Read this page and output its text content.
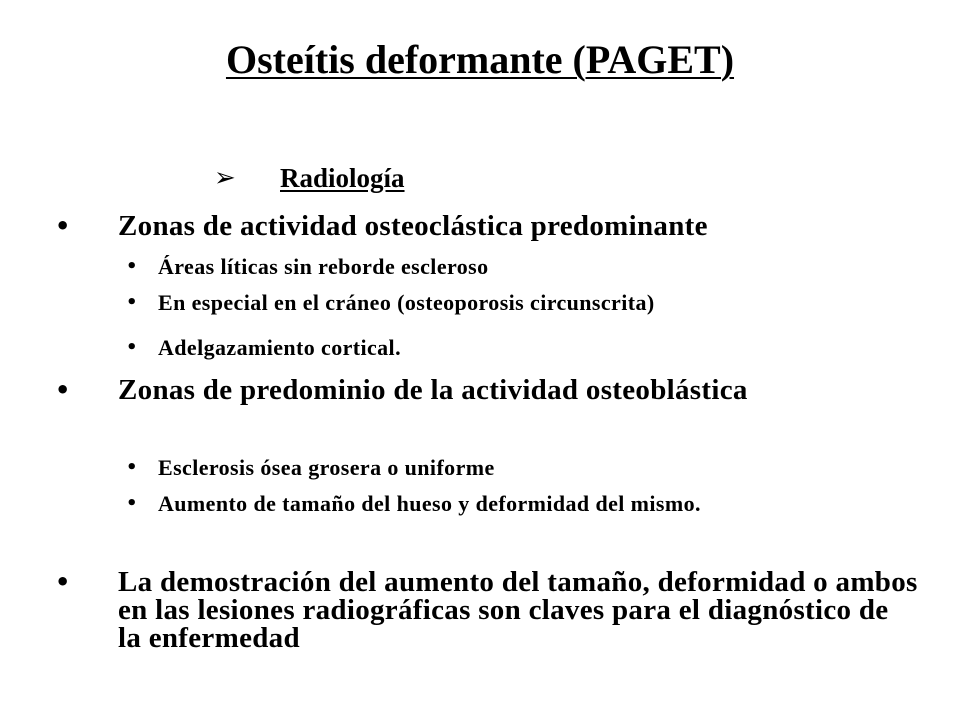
Osteítis deformante (PAGET)
➢	Radiología
• Zonas de actividad osteoclástica predominante
• Áreas líticas sin reborde escleroso
• En especial en el cráneo (osteoporosis circunscrita)
• Adelgazamiento cortical.
• Zonas de predominio de la actividad osteoblástica
• Esclerosis ósea grosera o uniforme
• Aumento de tamaño del hueso y deformidad del mismo.
• La demostración del aumento del tamaño, deformidad o ambos en las lesiones radiográficas son claves para el diagnóstico de la enfermedad
